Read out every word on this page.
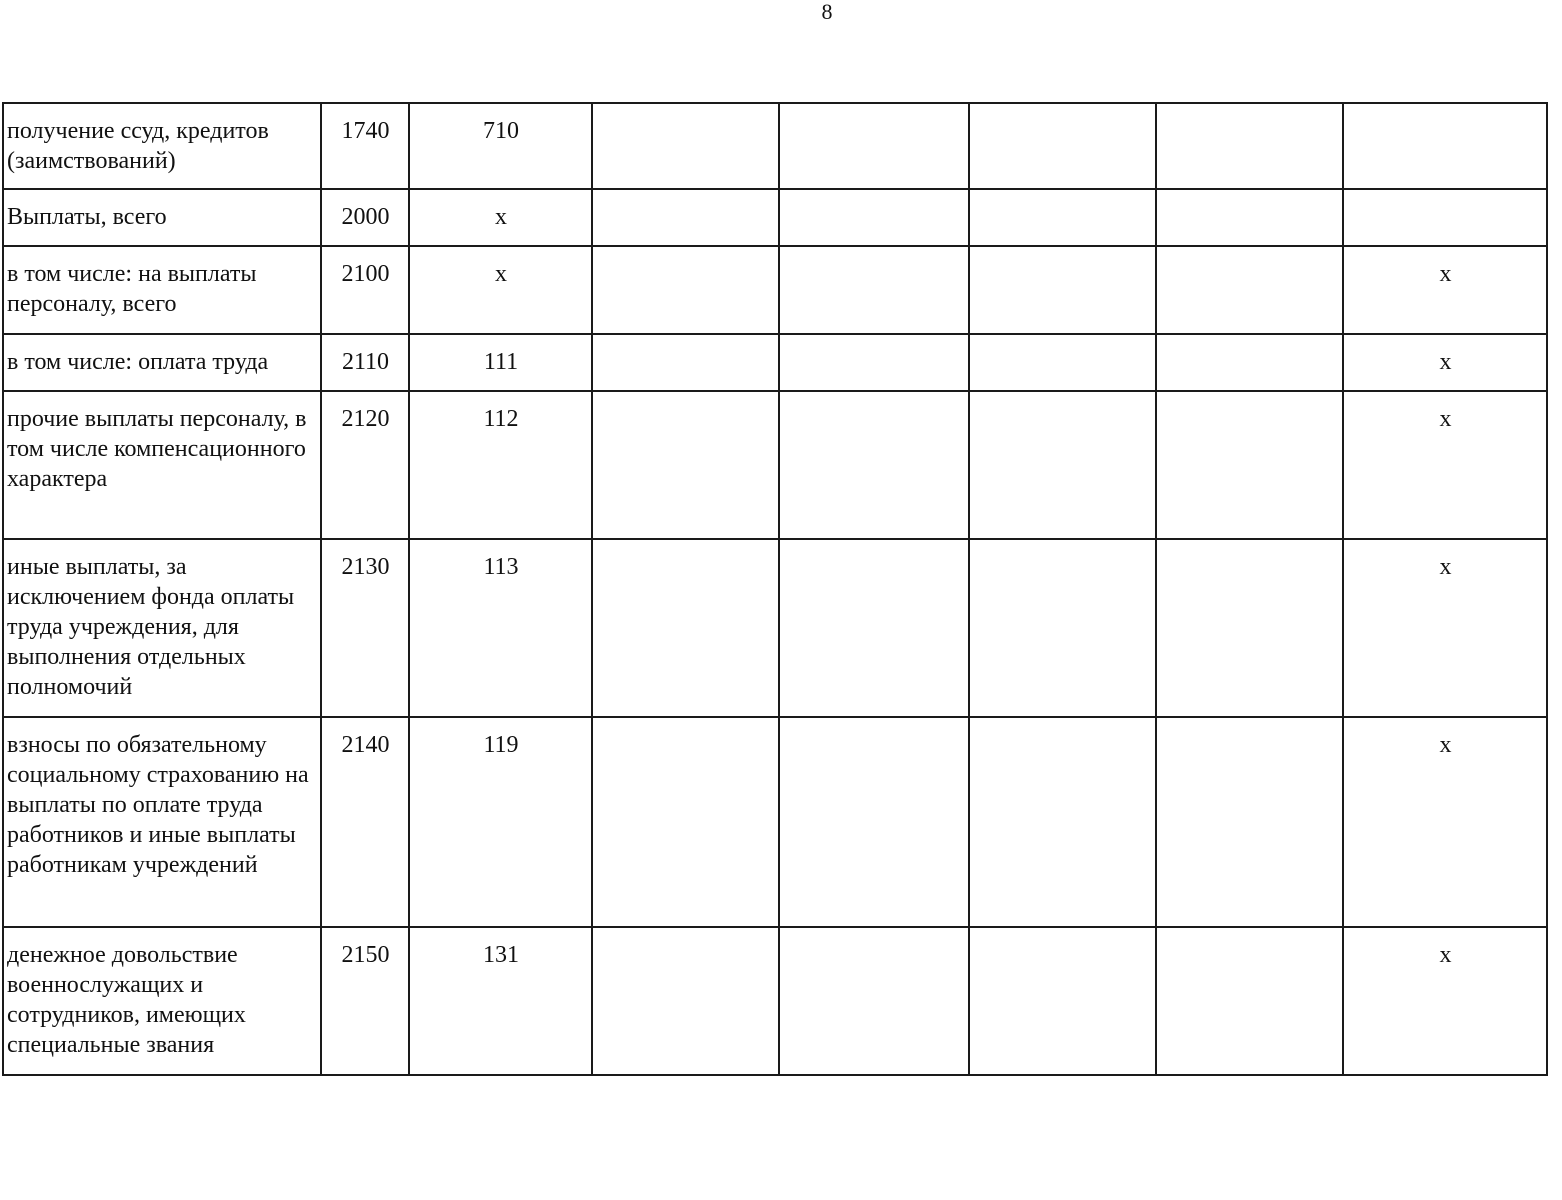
8
получение ссуд, кредитов (заимствований)	1740	710					
Выплаты, всего	2000	x					
в том числе: на выплаты персоналу, всего	2100	x					x
в том числе: оплата труда	2110	111					x
прочие выплаты персоналу, в том числе компенсационного характера	2120	112					x
иные выплаты, за исключением фонда оплаты труда учреждения, для выполнения отдельных полномочий	2130	113					x
взносы по обязательному социальному страхованию на выплаты по оплате труда работников и иные выплаты работникам учреждений	2140	119					x
денежное довольствие военнослужащих и сотрудников, имеющих специальные звания	2150	131					x
